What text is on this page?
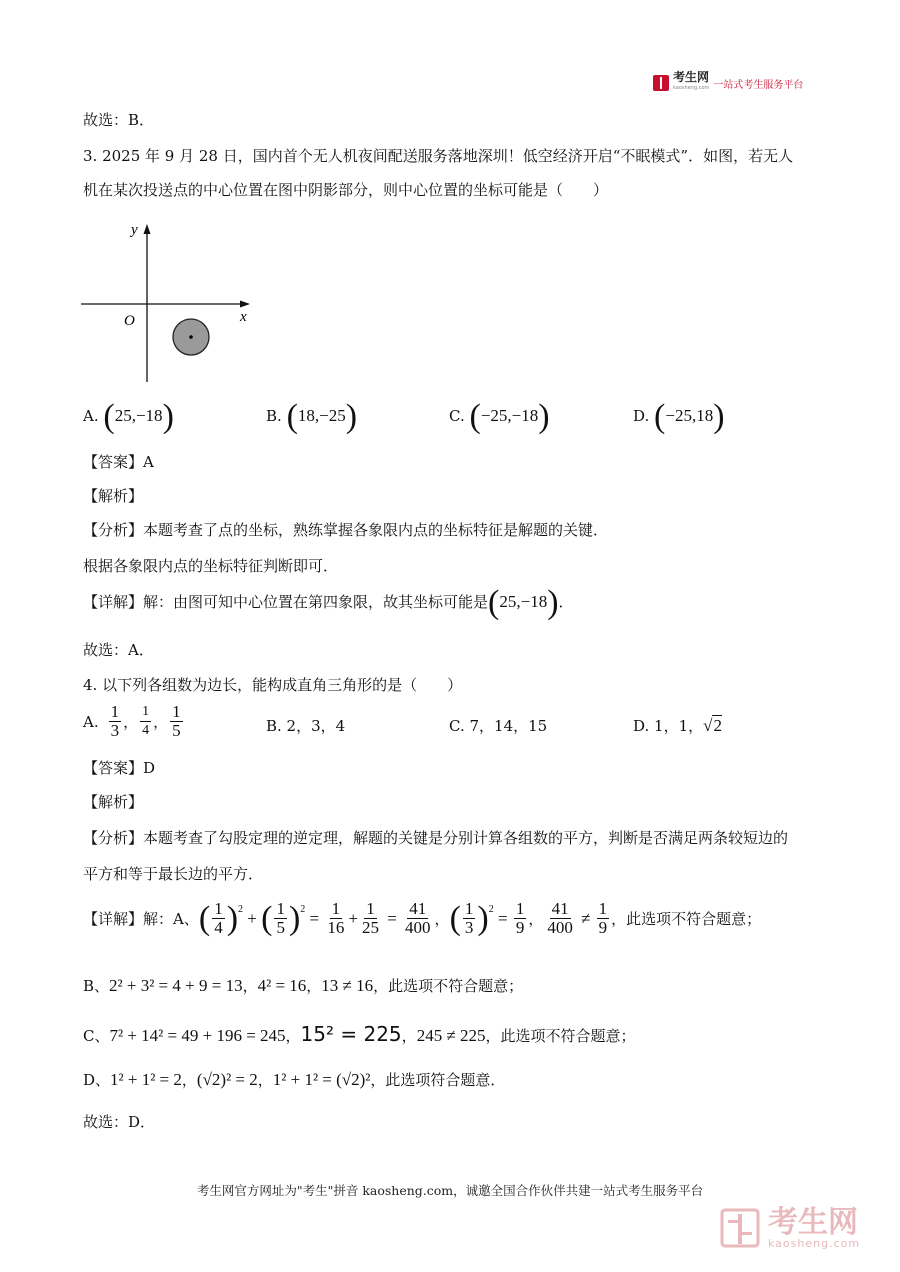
考生网
kaosheng.com 一站式考生服务平台
故选：B．
3. 2025 年 9 月 28 日，国内首个无人机夜间配送服务落地深圳！低空经济开启“不眠模式”．如图，若无人
机在某次投送点的中心位置在图中阴影部分，则中心位置的坐标可能是（　　）
y
x
O
A. (25,−18)	B. (18,−25)	C. (−25,−18)	D. (−25,18)
【答案】A
【解析】
【分析】本题考查了点的坐标，熟练掌握各象限内点的坐标特征是解题的关键．
根据各象限内点的坐标特征判断即可．
【详解】解：由图可知中心位置在第四象限，故其坐标可能是(25,−18)．
故选：A．
4. 以下列各组数为边长，能构成直角三角形的是（　　）
A. $\frac{1}{3}$ ， $\frac{1}{4}$ ， $\frac{1}{5}$	B. 2，3，4	C. 7，14，15	D. 1，1，√2
【答案】D
【解析】
【分析】本题考查了勾股定理的逆定理，解题的关键是分别计算各组数的平方，判断是否满足两条较短边的
平方和等于最长边的平方．
【详解】 解：A、 ( $\frac{1}{4} )^2$ + ( $\frac{1}{5} )^2 = \frac{1}{16} + \frac{1}{25} = \frac{41}{400}$ ， ( $\frac{1}{3} )^2 = \frac{1}{9}$ ， $\frac{41}{400} \ne \frac{1}{9}$ ，此选项不符合题意；
B、2² + 3² = 4 + 9 = 13，4² = 16，13 ≠ 16，此选项不符合题意；
C、7² + 14² = 49 + 196 = 245，15² = 225，245 ≠ 225，此选项不符合题意；
D、1² + 1² = 2，(√2)² = 2，1² + 1² = (√2)²，此选项符合题意．
故选：D．
考生网官方网址为"考生"拼音 kaosheng.com，诚邀全国合作伙伴共建一站式考生服务平台
考生网
kaosheng.com
